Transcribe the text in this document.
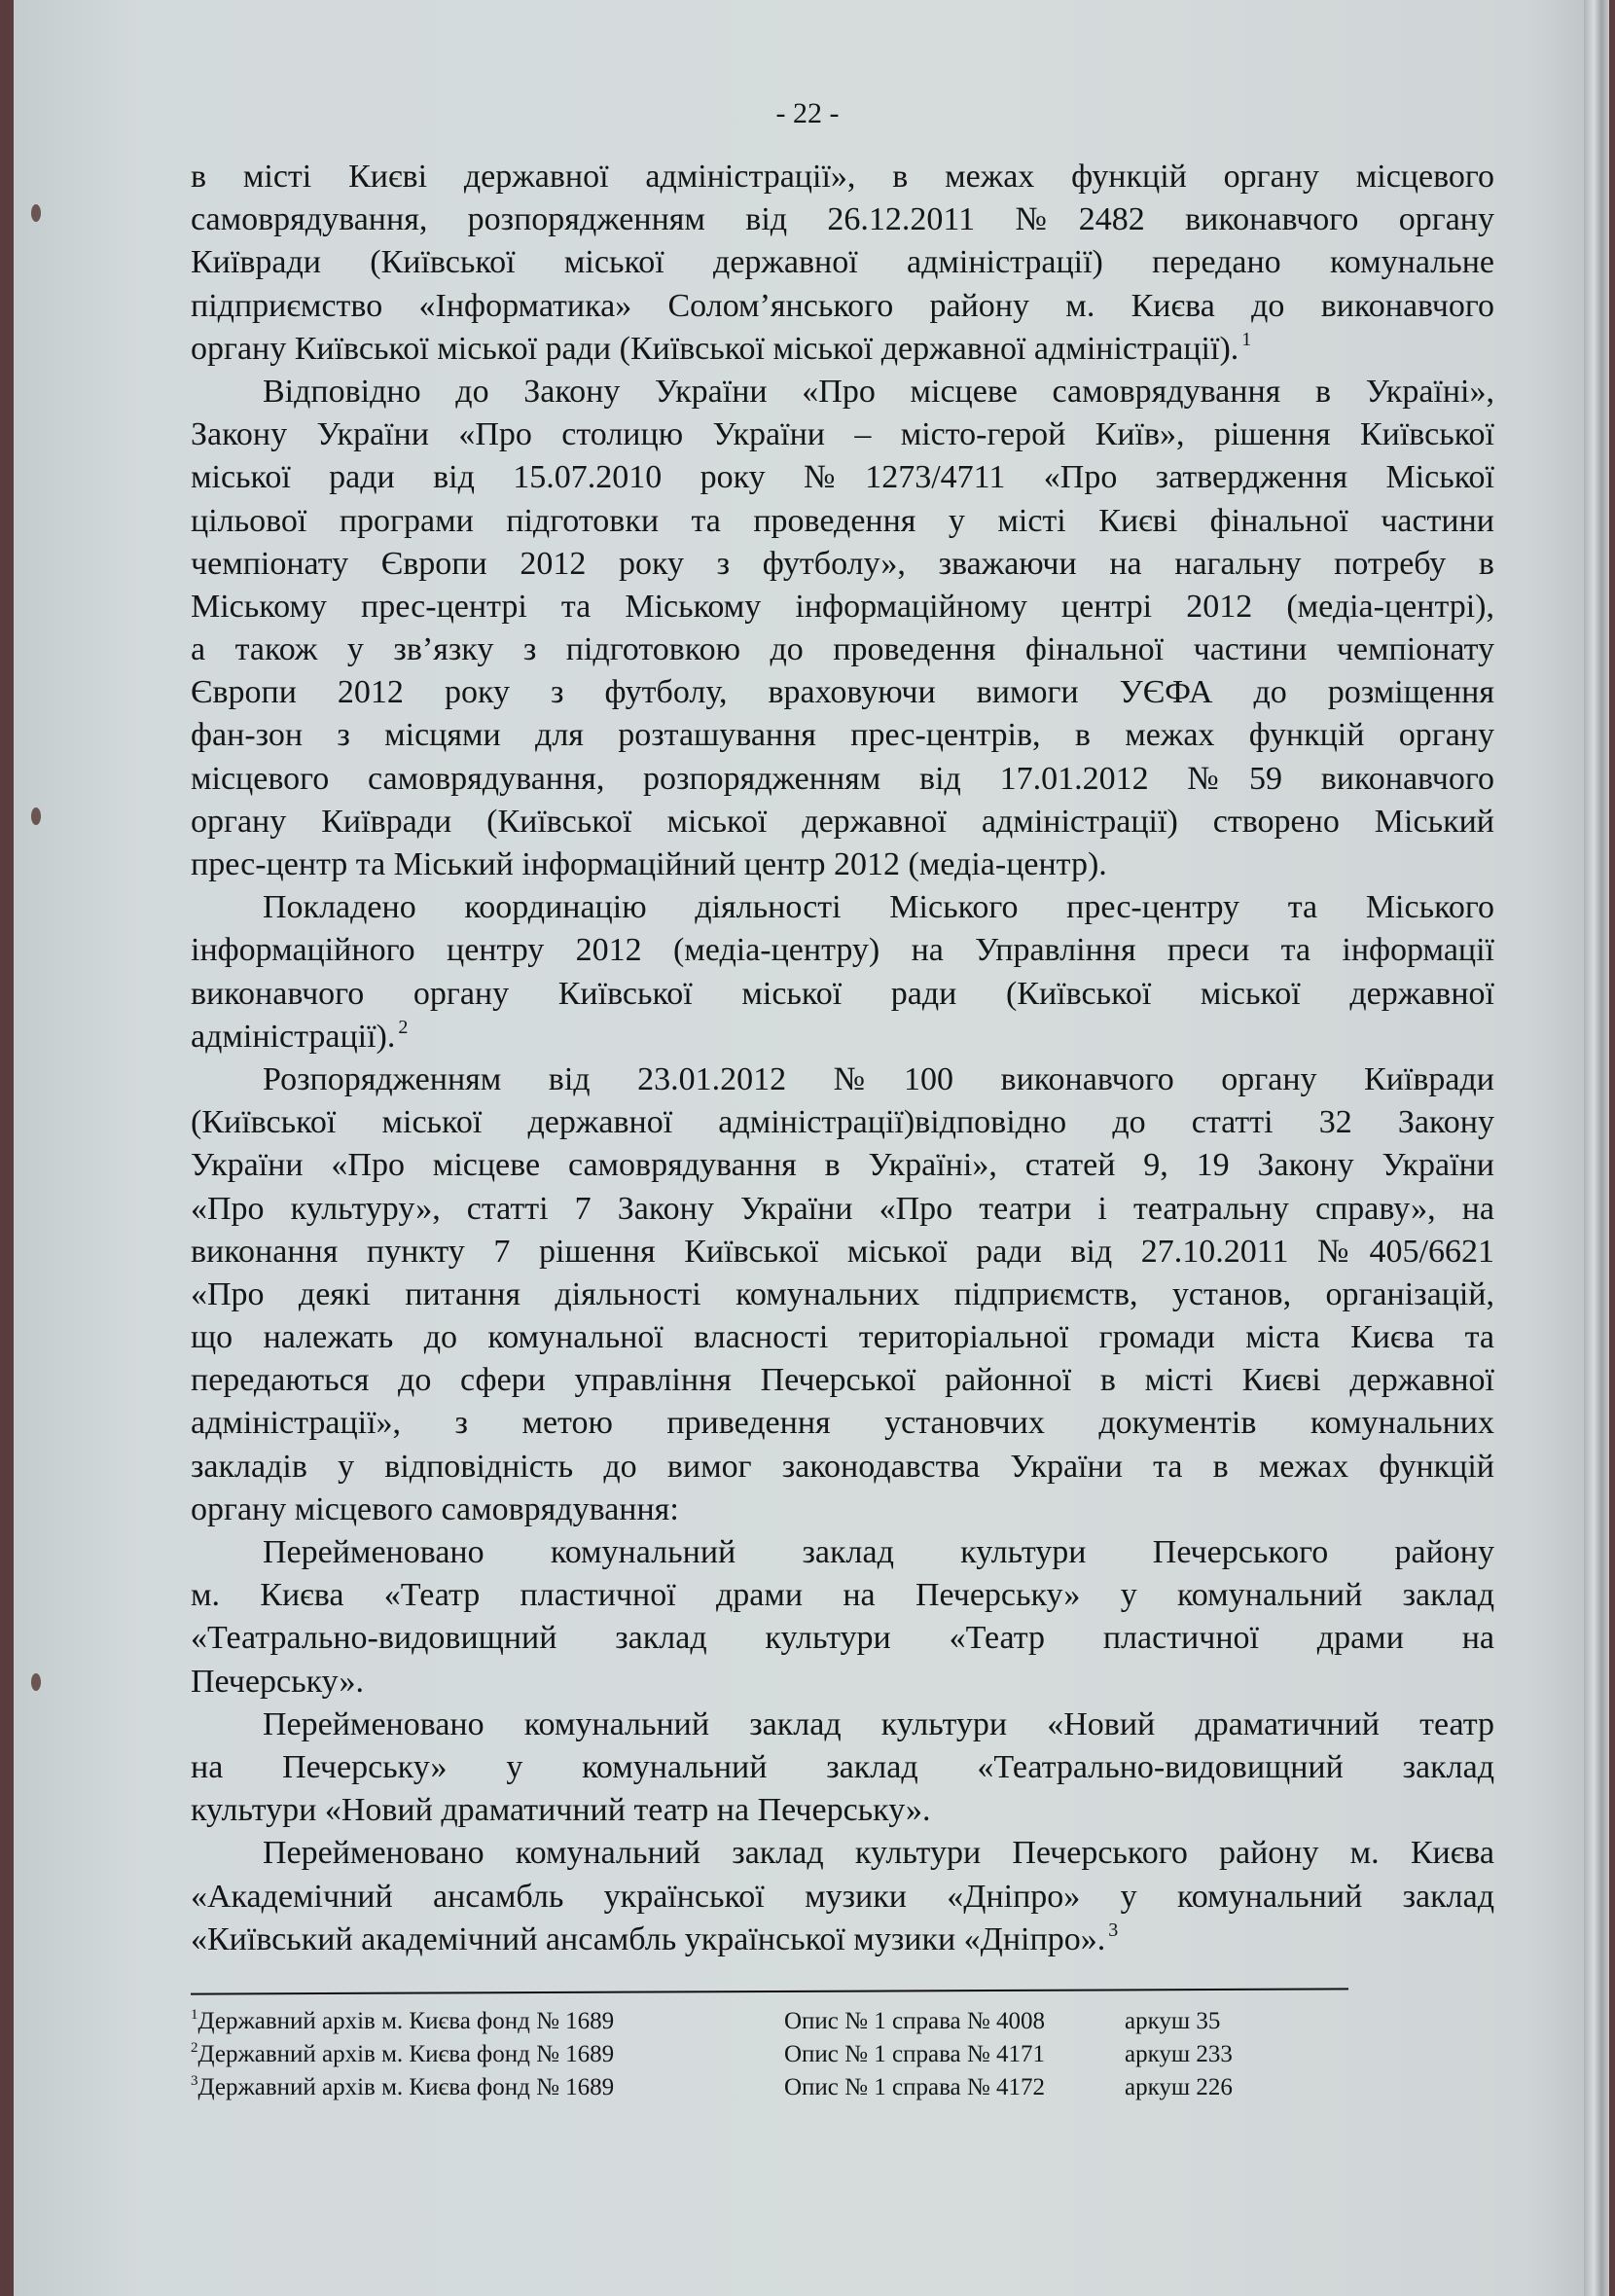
- 22 -
в місті Києві державної адміністрації», в межах функцій органу місцевого
самоврядування, розпорядженням від 26.12.2011 №2482 виконавчого органу
Київради (Київської міської державної адміністрації) передано комунальне
підприємство «Інформатика» Солом’янського району м. Києва до виконавчого
органу Київської міської ради (Київської міської державної адміністрації). $^1$
Відповідно до Закону України «Про місцеве самоврядування в Україні»,
Закону України «Про столицю України – місто-герой Київ», рішення Київської
міської ради від 15.07.2010 року №1273/4711 «Про затвердження Міської
цільової програми підготовки та проведення у місті Києві фінальної частини
чемпіонату Європи 2012 року з футболу», зважаючи на нагальну потребу в
Міському прес-центрі та Міському інформаційному центрі 2012 (медіа-центрі),
а також у зв’язку з підготовкою до проведення фінальної частини чемпіонату
Європи 2012 року з футболу, враховуючи вимоги УЄФА до розміщення
фан-зон з місцями для розташування прес-центрів, в межах функцій органу
місцевого самоврядування, розпорядженням від 17.01.2012 №59 виконавчого
органу Київради (Київської міської державної адміністрації) створено Міський
прес-центр та Міський інформаційний центр 2012 (медіа-центр).
Покладено координацію діяльності Міського прес-центру та Міського
інформаційного центру 2012 (медіа-центру) на Управління преси та інформації
виконавчого органу Київської міської ради (Київської міської державної
адміністрації). $^2$
Розпорядженням від 23.01.2012 №100 виконавчого органу Київради
(Київської міської державної адміністрації)відповідно до статті 32 Закону
України «Про місцеве самоврядування в Україні», статей 9, 19 Закону України
«Про культуру», статті 7 Закону України «Про театри і театральну справу», на
виконання пункту 7 рішення Київської міської ради від 27.10.2011 №405/6621
«Про деякі питання діяльності комунальних підприємств, установ, організацій,
що належать до комунальної власності територіальної громади міста Києва та
передаються до сфери управління Печерської районної в місті Києві державної
адміністрації», з метою приведення установчих документів комунальних
закладів у відповідність до вимог законодавства України та в межах функцій
органу місцевого самоврядування:
Перейменовано комунальний заклад культури Печерського району
м. Києва «Театр пластичної драми на Печерську» у комунальний заклад
«Театрально-видовищний заклад культури «Театр пластичної драми на
Печерську».
Перейменовано комунальний заклад культури «Новий драматичний театр
на Печерську» у комунальний заклад «Театрально-видовищний заклад
культури «Новий драматичний театр на Печерську».
Перейменовано комунальний заклад культури Печерського району м. Києва
«Академічний ансамбль української музики «Дніпро» у комунальний заклад
«Київський академічний ансамбль української музики «Дніпро». $^3$
$^1$Державний архів м. Києва фонд № 1689	Опис № 1 справа № 4008	аркуш 35
$^2$Державний архів м. Києва фонд № 1689	Опис № 1 справа № 4171	аркуш 233
$^3$Державний архів м. Києва фонд № 1689	Опис № 1 справа № 4172	аркуш 226
